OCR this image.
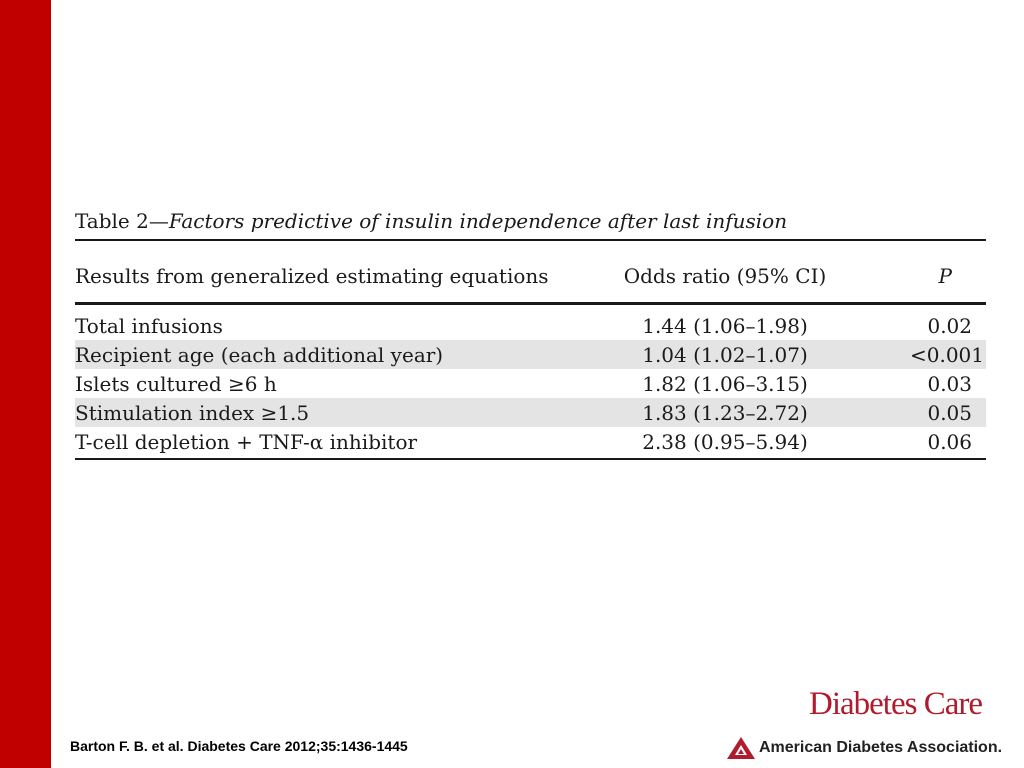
Table 2—Factors predictive of insulin independence after last infusion
Results from generalized estimating equations	Odds ratio (95% CI)	P
Total infusions	1.44 (1.06–1.98)	0.02
Recipient age (each additional year)	1.04 (1.02–1.07)	<0.001
Islets cultured ≥6 h	1.82 (1.06–3.15)	0.03
Stimulation index ≥1.5	1.83 (1.23–2.72)	0.05
T-cell depletion + TNF-α inhibitor	2.38 (0.95–5.94)	0.06
Barton F. B. et al. Diabetes Care 2012;35:1436-1445
Diabetes Care
American Diabetes Association.
